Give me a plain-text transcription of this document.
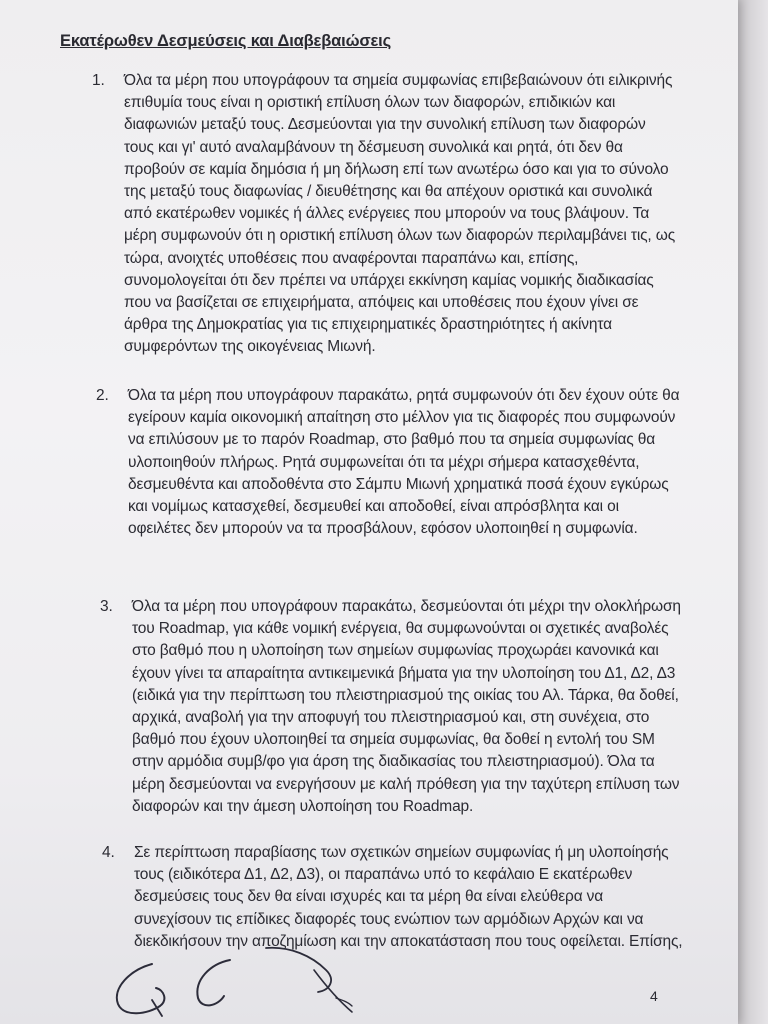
Εκατέρωθεν Δεσμεύσεις και Διαβεβαιώσεις
1.	Όλα τα μέρη που υπογράφουν τα σημεία συμφωνίας επιβεβαιώνουν ότι ειλικρινής
επιθυμία τους είναι η οριστική επίλυση όλων των διαφορών, επιδικιών και
διαφωνιών μεταξύ τους. Δεσμεύονται για την συνολική επίλυση των διαφορών
τους και γι' αυτό αναλαμβάνουν τη δέσμευση συνολικά και ρητά, ότι δεν θα
προβούν σε καμία δημόσια ή μη δήλωση επί των ανωτέρω όσο και για το σύνολο
της μεταξύ τους διαφωνίας / διευθέτησης και θα απέχουν οριστικά και συνολικά
από εκατέρωθεν νομικές ή άλλες ενέργειες που μπορούν να τους βλάψουν. Τα
μέρη συμφωνούν ότι η οριστική επίλυση όλων των διαφορών περιλαμβάνει τις, ως
τώρα, ανοιχτές υποθέσεις που αναφέρονται παραπάνω και, επίσης,
συνομολογείται ότι δεν πρέπει να υπάρχει εκκίνηση καμίας νομικής διαδικασίας
που να βασίζεται σε επιχειρήματα, απόψεις και υποθέσεις που έχουν γίνει σε
άρθρα της Δημοκρατίας για τις επιχειρηματικές δραστηριότητες ή ακίνητα
συμφερόντων της οικογένειας Μιωνή.
2.	Όλα τα μέρη που υπογράφουν παρακάτω, ρητά συμφωνούν ότι δεν έχουν ούτε θα
εγείρουν καμία οικονομική απαίτηση στο μέλλον για τις διαφορές που συμφωνούν
να επιλύσουν με το παρόν Roadmap, στο βαθμό που τα σημεία συμφωνίας θα
υλοποιηθούν πλήρως. Ρητά συμφωνείται ότι τα μέχρι σήμερα κατασχεθέντα,
δεσμευθέντα και αποδοθέντα στο Σάμπυ Μιωνή χρηματικά ποσά έχουν εγκύρως
και νομίμως κατασχεθεί, δεσμευθεί και αποδοθεί, είναι απρόσβλητα και οι
οφειλέτες δεν μπορούν να τα προσβάλουν, εφόσον υλοποιηθεί η συμφωνία.
3.	Όλα τα μέρη που υπογράφουν παρακάτω, δεσμεύονται ότι μέχρι την ολοκλήρωση
του Roadmap, για κάθε νομική ενέργεια, θα συμφωνούνται οι σχετικές αναβολές
στο βαθμό που η υλοποίηση των σημείων συμφωνίας προχωράει κανονικά και
έχουν γίνει τα απαραίτητα αντικειμενικά βήματα για την υλοποίηση του Δ1, Δ2, Δ3
(ειδικά για την περίπτωση του πλειστηριασμού της οικίας του Αλ. Τάρκα, θα δοθεί,
αρχικά, αναβολή για την αποφυγή του πλειστηριασμού και, στη συνέχεια, στο
βαθμό που έχουν υλοποιηθεί τα σημεία συμφωνίας, θα δοθεί η εντολή του SM
στην αρμόδια συμβ/φο για άρση της διαδικασίας του πλειστηριασμού). Όλα τα
μέρη δεσμεύονται να ενεργήσουν με καλή πρόθεση για την ταχύτερη επίλυση των
διαφορών και την άμεση υλοποίηση του Roadmap.
4.	Σε περίπτωση παραβίασης των σχετικών σημείων συμφωνίας ή μη υλοποίησής
τους (ειδικότερα Δ1, Δ2, Δ3), οι παραπάνω υπό το κεφάλαιο Ε εκατέρωθεν
δεσμεύσεις τους δεν θα είναι ισχυρές και τα μέρη θα είναι ελεύθερα να
συνεχίσουν τις επίδικες διαφορές τους ενώπιον των αρμόδιων Αρχών και να
διεκδικήσουν την αποζημίωση και την αποκατάσταση που τους οφείλεται. Επίσης,
4
